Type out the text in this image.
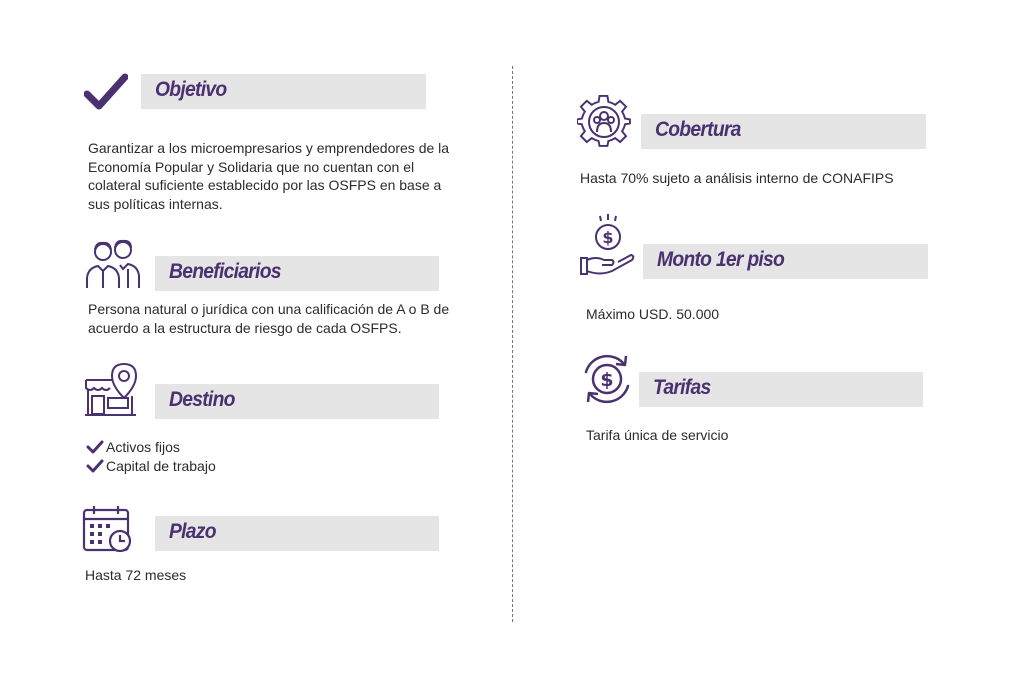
Objetivo

Garantizar a los microempresarios y emprendedores de la Economía Popular y Solidaria que no cuentan con el colateral suficiente establecido por las OSFPS en base a sus políticas internas.

Beneficiarios

Persona natural o jurídica con una calificación de A o B de acuerdo a la estructura de riesgo de cada OSFPS.

Destino
Activos fijos
Capital de trabajo
Plazo

Hasta 72 meses

Cobertura

Hasta 70% sujeto a análisis interno de CONAFIPS

$
Monto 1er piso

Máximo USD. 50.000

$ Tarifas

Tarifa única de servicio
